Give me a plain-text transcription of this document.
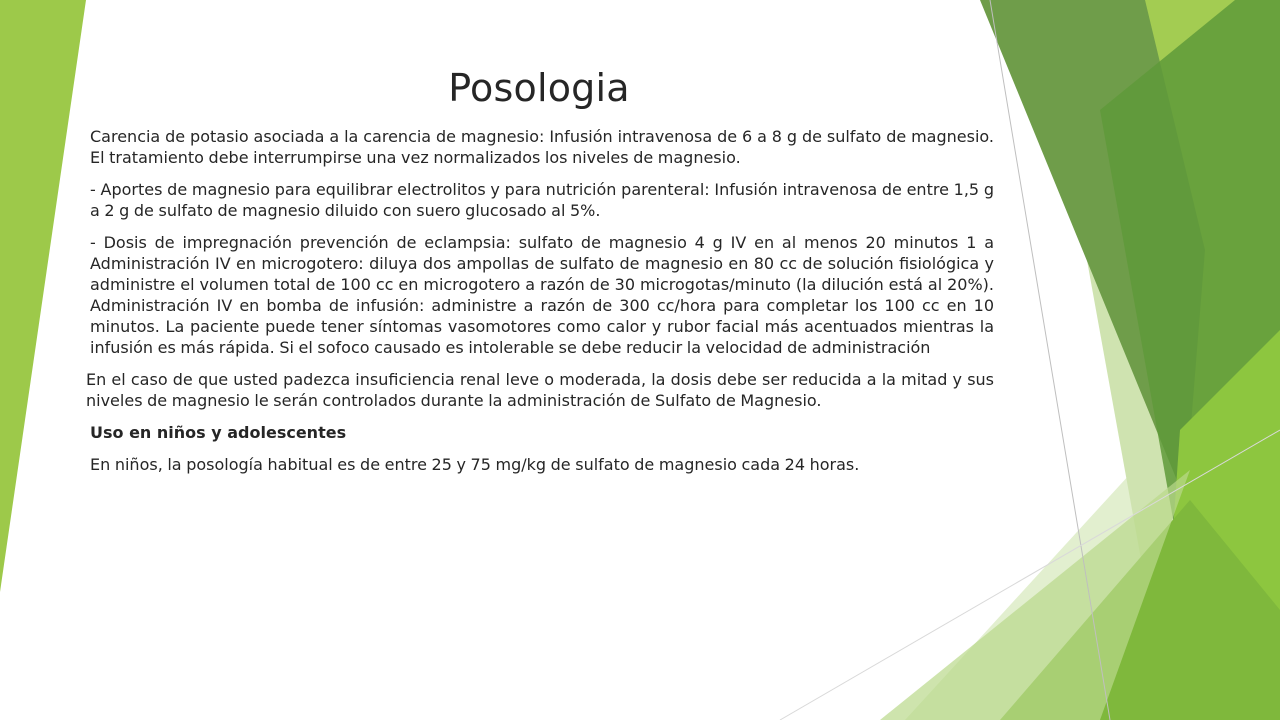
Posologia

Carencia de potasio asociada a la carencia de magnesio: Infusión intravenosa de 6 a 8 g de sulfato de magnesio. El tratamiento debe interrumpirse una vez normalizados los niveles de magnesio.

- Aportes de magnesio para equilibrar electrolitos y para nutrición parenteral: Infusión intravenosa de entre 1,5 g a 2 g de sulfato de magnesio diluido con suero glucosado al 5%.

- Dosis de impregnación prevención de eclampsia: sulfato de magnesio 4 g IV en al menos 20 minutos 1 a Administración IV en microgotero: diluya dos ampollas de sulfato de magnesio en 80 cc de solución fisiológica y administre el volumen total de 100 cc en microgotero a razón de 30 microgotas/minuto (la dilución está al 20%). Administración IV en bomba de infusión: administre a razón de 300 cc/hora para completar los 100 cc en 10 minutos. La paciente puede tener síntomas vasomotores como calor y rubor facial más acentuados mientras la infusión es más rápida. Si el sofoco causado es intolerable se debe reducir la velocidad de administración

En el caso de que usted padezca insuficiencia renal leve o moderada, la dosis debe ser reducida a la mitad y sus niveles de magnesio le serán controlados durante la administración de Sulfato de Magnesio.

Uso en niños y adolescentes

En niños, la posología habitual es de entre 25 y 75 mg/kg de sulfato de magnesio cada 24 horas.
